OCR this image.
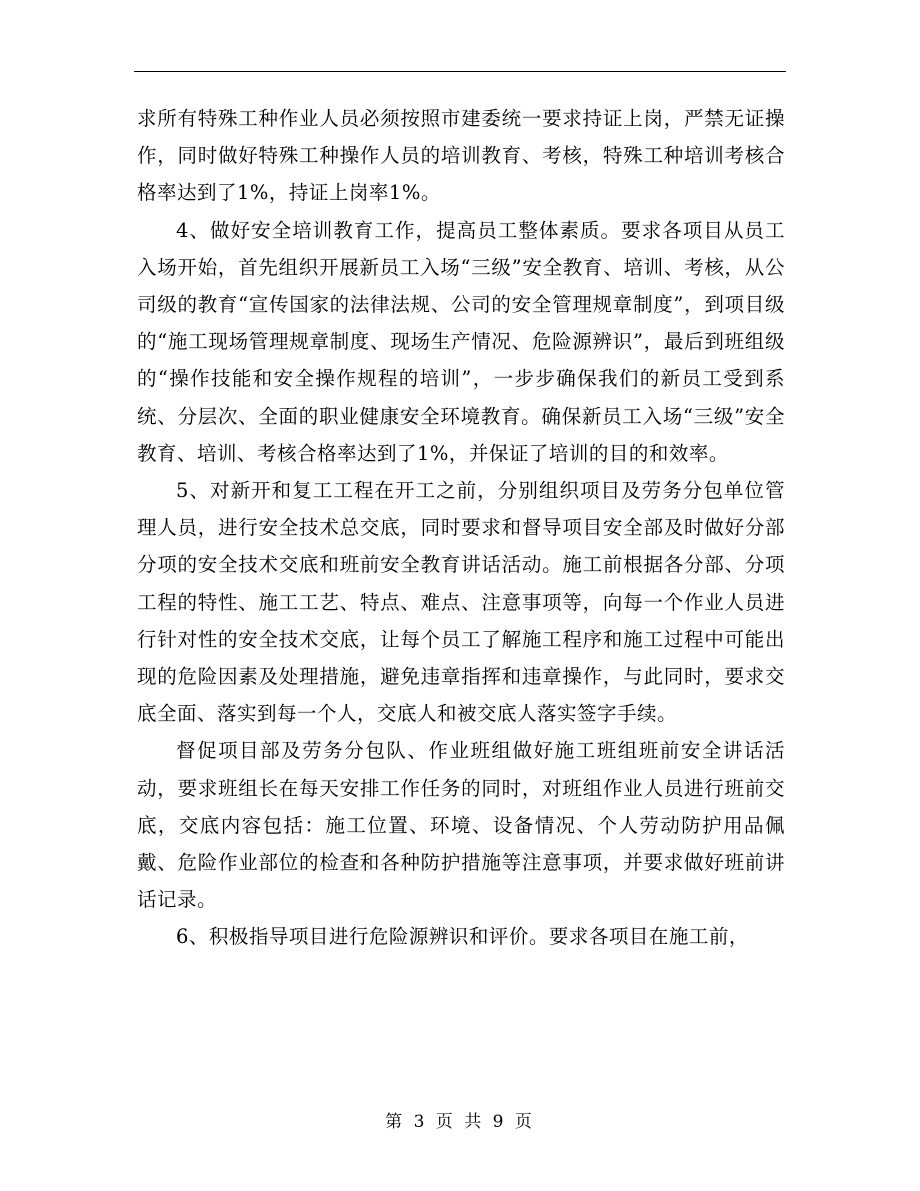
求所有特殊工种作业人员必须按照市建委统一要求持证上岗，严禁无证操作，同时做好特殊工种操作人员的培训教育、考核，特殊工种培训考核合格率达到了1%，持证上岗率1%。

4、做好安全培训教育工作，提高员工整体素质。要求各项目从员工入场开始，首先组织开展新员工入场“三级”安全教育、培训、考核，从公司级的教育“宣传国家的法律法规、公司的安全管理规章制度”，到项目级的“施工现场管理规章制度、现场生产情况、危险源辨识”，最后到班组级的“操作技能和安全操作规程的培训”，一步步确保我们的新员工受到系统、分层次、全面的职业健康安全环境教育。确保新员工入场“三级”安全教育、培训、考核合格率达到了1%，并保证了培训的目的和效率。

5、对新开和复工工程在开工之前，分别组织项目及劳务分包单位管理人员，进行安全技术总交底，同时要求和督导项目安全部及时做好分部分项的安全技术交底和班前安全教育讲话活动。施工前根据各分部、分项工程的特性、施工工艺、特点、难点、注意事项等，向每一个作业人员进行针对性的安全技术交底，让每个员工了解施工程序和施工过程中可能出现的危险因素及处理措施，避免违章指挥和违章操作，与此同时，要求交底全面、落实到每一个人，交底人和被交底人落实签字手续。

督促项目部及劳务分包队、作业班组做好施工班组班前安全讲话活动，要求班组长在每天安排工作任务的同时，对班组作业人员进行班前交底，交底内容包括：施工位置、环境、设备情况、个人劳动防护用品佩戴、危险作业部位的检查和各种防护措施等注意事项，并要求做好班前讲话记录。

6、积极指导项目进行危险源辨识和评价。要求各项目在施工前，

第 3 页 共 9 页
